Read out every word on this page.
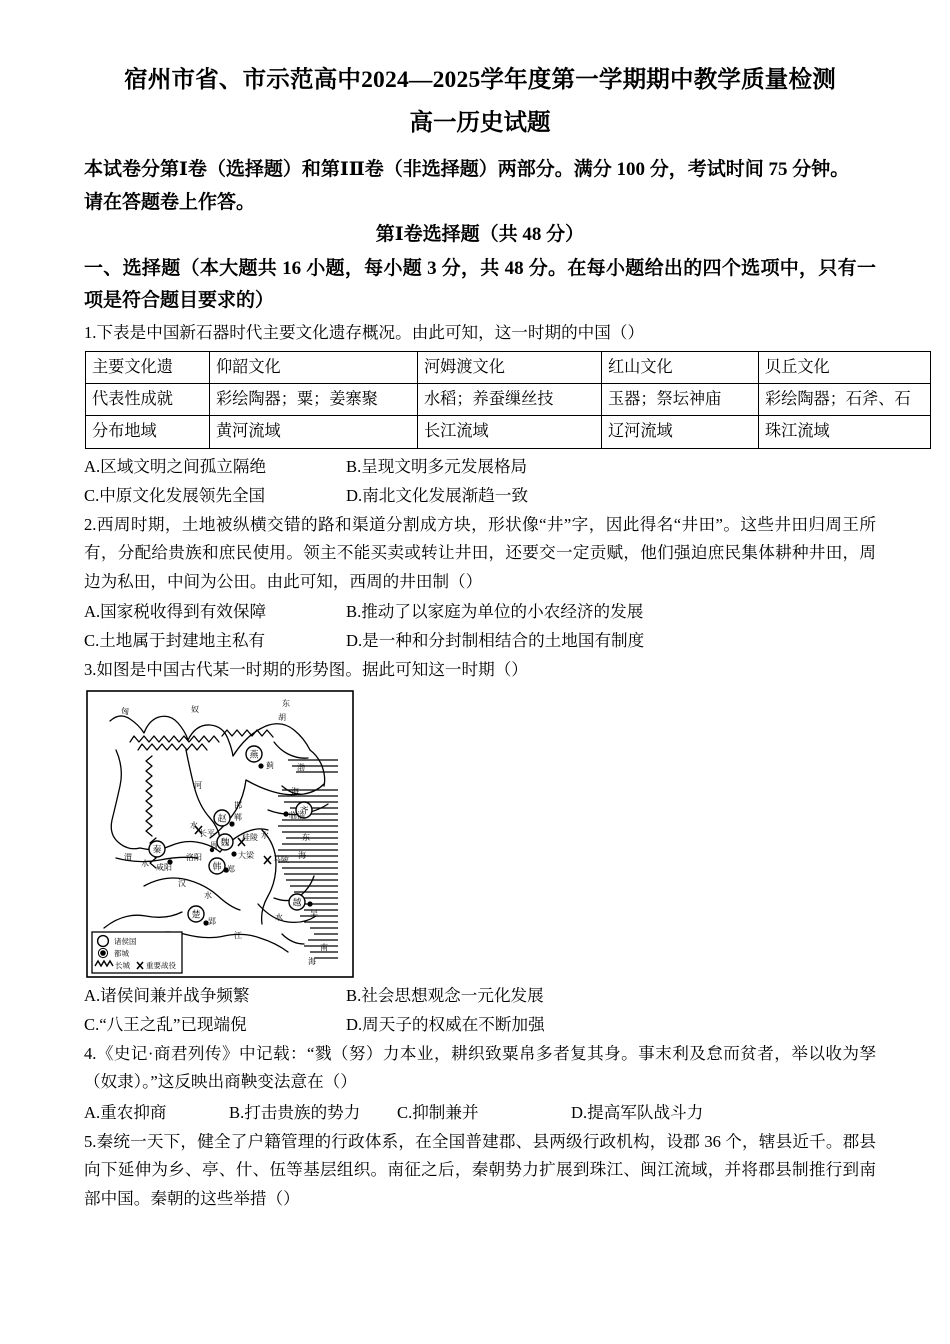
宿州市省、市示范高中2024—2025学年度第一学期期中教学质量检测
高一历史试题

本试卷分第Ⅰ卷（选择题）和第ⅠⅡ卷（非选择题）两部分。满分 100 分，考试时间 75 分钟。

请在答题卷上作答。

第Ⅰ卷选择题（共 48 分）

一、选择题（本大题共 16 小题，每小题 3 分，共 48 分。在每小题给出的四个选项中，只有一项是符合题目要求的）

1.下表是中国新石器时代主要文化遗存概况。由此可知，这一时期的中国（）

主要文化遗	仰韶文化	河姆渡文化	红山文化	贝丘文化
代表性成就	彩绘陶器；粟；姜寨聚	水稻；养蚕缫丝技	玉器；祭坛神庙	彩绘陶器；石斧、石
分布地域	黄河流域	长江流域	辽河流域	珠江流域
A.区域文明之间孤立隔绝	B.呈现文明多元发展格局
C.中原文化发展领先全国	D.南北文化发展渐趋一致

2.西周时期，土地被纵横交错的路和渠道分割成方块，形状像“井”字，因此得名“井田”。这些井田归周王所有，分配给贵族和庶民使用。领主不能买卖或转让井田，还要交一定贡赋，他们强迫庶民集体耕种井田，周边为私田，中间为公田。由此可知，西周的井田制（）

A.国家税收得到有效保障	B.推动了以家庭为单位的小农经济的发展
C.土地属于封建地主私有	D.是一种和分封制相结合的土地国有制度

3.如图是中国古代某一时期的形势图。据此可知这一时期（）

燕
赵
魏
韩
秦
齐
楚
越
匈	奴
东
胡
蓟	渤
海
河
邯
郸
水
长平
周
桂陵 水
临淄
洛阳	大梁
郑
马陵
东
海
渭
水 咸阳
汉
水
郢
江
水	吴
南
海
诸侯国
都城
长城 重要战役
A.诸侯间兼并战争频繁	B.社会思想观念一元化发展
C.“八王之乱”已现端倪	D.周天子的权威在不断加强

4.《史记·商君列传》中记载：“戮（努）力本业，耕织致粟帛多者复其身。事末利及怠而贫者，举以收为孥（奴隶）。”这反映出商鞅变法意在（）

A.重农抑商	B.打击贵族的势力 C.抑制兼并	D.提高军队战斗力

5.秦统一天下，健全了户籍管理的行政体系，在全国普建郡、县两级行政机构，设郡 36 个，辖县近千。郡县向下延伸为乡、亭、什、伍等基层组织。南征之后，秦朝势力扩展到珠江、闽江流域，并将郡县制推行到南部中国。秦朝的这些举措（）
